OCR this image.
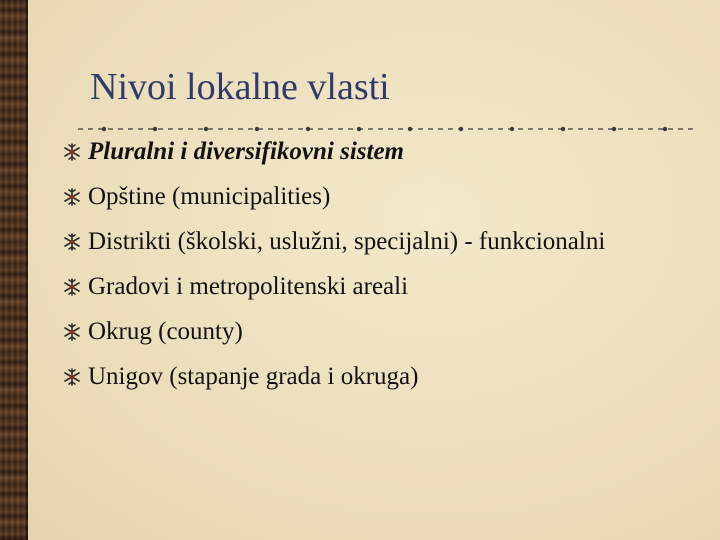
Nivoi lokalne vlasti
Pluralni i diversifikovni sistem
Opštine (municipalities)
Distrikti (školski, uslužni, specijalni) - funkcionalni
Gradovi i metropolitenski areali
Okrug (county)
Unigov (stapanje grada i okruga)
